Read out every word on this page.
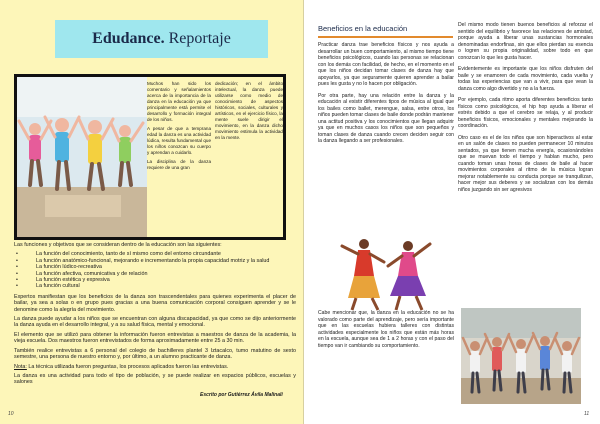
Edudance. Reportaje

Muchos han sido los comentario y señalamientos acerca de la importancia de la danza en la educación ya que principalmente está permite el desarrollo y formación integral de los niños.

A pesar de que a temprana edad la danza es una actividad lúdica, resulta fundamental que los niños conozcan su cuerpo y aprendan a cuidarlo.

La disciplina de la danza requiere de una gran

dedicación; en el ámbito intelectual, la danza puede utilizarse como medio de conocimiento de aspectos históricos, sociales, culturales y artísticos, en el ejercicio físico, la mente suele dirigir el movimiento, en la danza dicho movimiento estimula la actividad en la mente.

Las funciones y objetivos que se consideran dentro de la educación son las siguientes:

• La función del conocimiento, tanto de sí mismo como del entorno circundante
• La función anatómico-funcional, mejorando e incrementando la propia capacidad motriz y la salud
• La función lúdico-recreativa
• La función afectiva, comunicativa y de relación
• La función estética y expresiva
• La función cultural

Expertos manifiestan que los beneficios de la danza son trascendentales para quienes experimenta el placer de bailar, ya sea a solas o en grupo pues gracias a una buena comunicación corporal consiguen aprender y se le denomine como la alegría del movimiento.

La danza puede ayudar a los niños que se encuentran con alguna discapacidad, ya que como se dijo anteriormente la danza ayuda en el desarrollo integral, y a su salud física, mental y emocional.

El elemento que se utilizó para obtener la información fueron entrevistas a maestros de danza de la academia, la vieja escuela. Dos maestros fueron entrevistados de forma aproximadamente entre 25 a 30 min.

También realice entrevistas a 6 personal del colegio de bachilleres plantel 3 Iztacalco, tumo matutino de sexto semestre, una persona de nuestro entorno y, por último, a un alumno practicante de danza.

Nota: La técnica utilizada fueron preguntas, los procesos aplicados fueron las entrevistas.

La danza es una actividad para todo el tipo de población, y se puede realizar en espacios públicos, escuelas y salones

Escrito por Gutiérrez Ávila Malinali
10
Beneficios en la educación

Practicar danza trae beneficios físicos y nos ayuda a desarrollar un buen comportamiento, al mismo tiempo tiene beneficios psicológicos, cuando las personas se relacionan con los demás con facilidad, de hecho, en el momento en el que los niños decidan tomar clases de danza hay que apoyarlos, ya que seguramente quieren aprender a bailar pues les gusta y no lo hacen por obligación.

Por otra parte, hay una relación entre la danza y la educación al existir diferentes tipos de música al igual que los bailes como ballet, merengue, salsa, entre otros, los niños pueden tomar clases de baile donde podrán mantener una actitud positiva y los conocimientos que llegan adquirir ya que en muchos casos los niños que son pequeños y toman clases de danza cuando crecen deciden seguir con la danza llegando a ser profesionales.

Cabe mencionar que, la danza en la educación no se ha valorado como parte del aprendizaje, pero sería importante que en las escuelas hubiera talleres con distintas actividades especialmente los niños que están más horas en la escuela, aunque sea de 1 a 2 horas y con el paso del tiempo van ir cambiando su comportamiento.

Del mismo modo tienen buenos beneficios al reforzar el sentido del equilibrio y favorece las relaciones de amistad, porque ayuda a liberar unas sustancias hormonales denominadas endorfinas, sin que ellos pierdan su esencia o logren su propia originalidad, sobre todo en que conozcan lo que les gusta hacer.

Evidentemente es importante que los niños disfruten del baile y se enamoren de cada movimiento, cada vuelta y todas las experiencias que van a vivir, para que vean la danza como algo divertido y no a la fuerza.

Por ejemplo, cada ritmo aporta diferentes beneficios tanto físicos como psicológicos, el hip hop ayuda a liberar el estrés debido a que el cerebro se relaja, y al producir beneficios físicos, emocionales y mentales mejorando la coordinación.

Otro caso es el de los niños que son hiperactivos al estar en un salón de clases no pueden permanecer 10 minutos sentados, ya que tienen mucha energía, ocasionándoles que se muevan todo el tiempo y hablan mucho, pero cuando toman unas horas de clases de baile al hacer movimientos corporales al ritmo de la música logran mejorar notablemente su conducta porque se tranquilizan, hacer mejor sus deberes y se socializan con los demás niños juzgando sin ser agresivos

11
